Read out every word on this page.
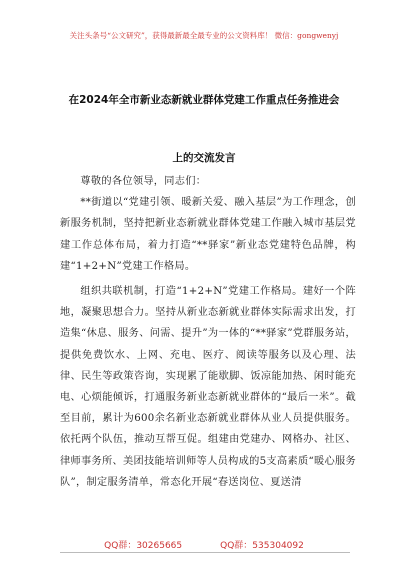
关注头条号“公文研究”，获得最新最全最专业的公文资料库！ 微信：gongwenyj
在2024年全市新业态新就业群体党建工作重点任务推进会
上的交流发言

尊敬的各位领导，同志们：

**街道以“党建引领、暖新关爱、融入基层”为工作理念，创新服务机制，坚持把新业态新就业群体党建工作融入城市基层党建工作总体布局，着力打造“**驿家”新业态党建特色品牌，构建“1+2+N”党建工作格局。

组织共联机制，打造“1+2+N”党建工作格局。建好一个阵地，凝聚思想合力。坚持从新业态新就业群体实际需求出发，打造集“休息、服务、问需、提升”为一体的“**驿家”党群服务站，提供免费饮水、上网、充电、医疗、阅读等服务以及心理、法律、民生等政策咨询，实现累了能歇脚、饭凉能加热、闲时能充电、心烦能倾诉，打通服务新业态新就业群体的“最后一米”。截至目前，累计为600余名新业态新就业群体从业人员提供服务。依托两个队伍，推动互帮互促。组建由党建办、网格办、社区、律师事务所、美团技能培训师等人员构成的5支高素质“暖心服务队”，制定服务清单，常态化开展“春送岗位、夏送清

QQ群：30265665	QQ群：535304092
